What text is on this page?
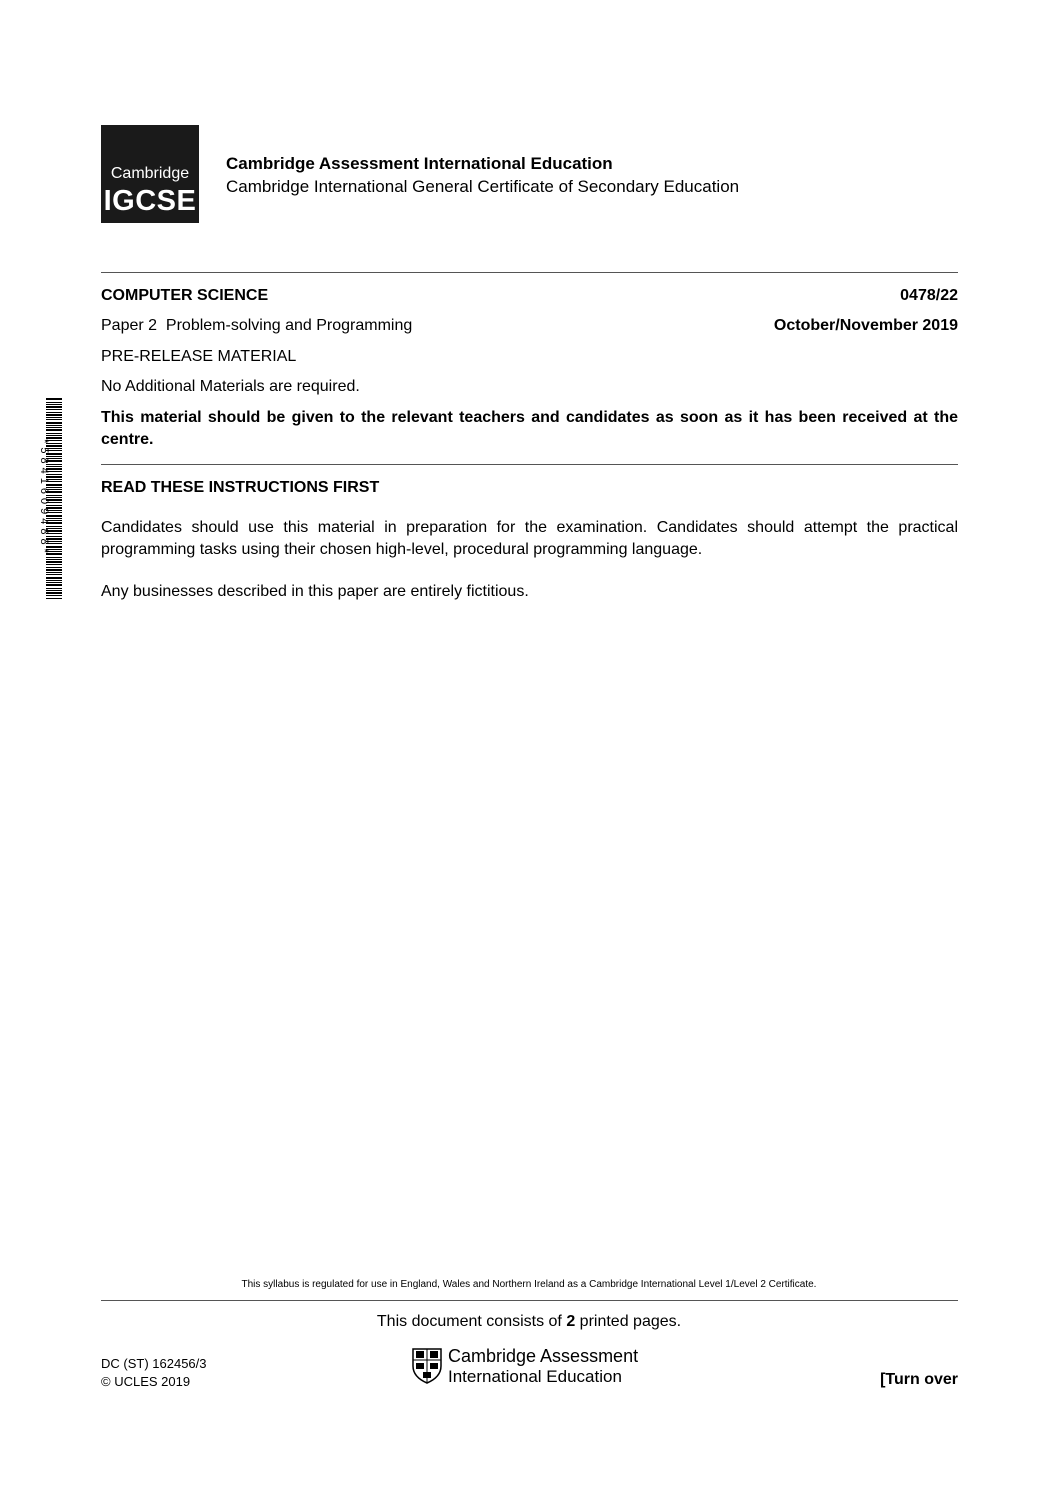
Cambridge
IGCSE
Cambridge Assessment International Education
Cambridge International General Certificate of Secondary Education
COMPUTER SCIENCE	0478/22
Paper 2  Problem-solving and Programming	October/November 2019
PRE-RELEASE MATERIAL
No Additional Materials are required.
This material should be given to the relevant teachers and candidates as soon as it has been received at the centre.
READ THESE INSTRUCTIONS FIRST
Candidates should use this material in preparation for the examination. Candidates should attempt the practical programming tasks using their chosen high-level, procedural programming language.
Any businesses described in this paper are entirely fictitious.
*5841609488*
This syllabus is regulated for use in England, Wales and Northern Ireland as a Cambridge International Level 1/Level 2 Certificate.
This document consists of 2 printed pages.
DC (ST) 162456/3
© UCLES 2019
Cambridge Assessment
International Education	[Turn over
